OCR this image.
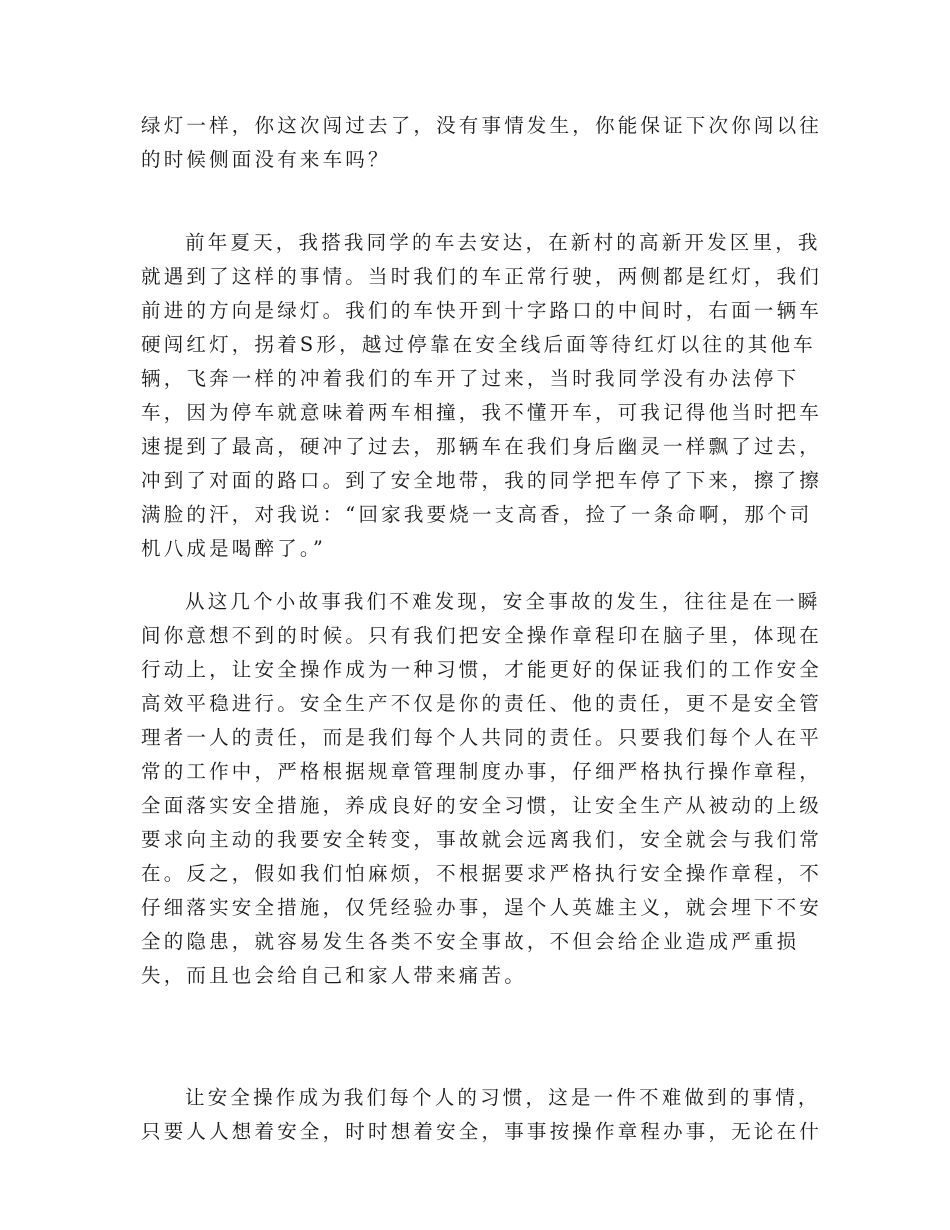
绿灯一样，你这次闯过去了，没有事情发生，你能保证下次你闯以往
的时候侧面没有来车吗？
前年夏天，我搭我同学的车去安达，在新村的高新开发区里，我
就遇到了这样的事情。当时我们的车正常行驶，两侧都是红灯，我们
前进的方向是绿灯。我们的车快开到十字路口的中间时，右面一辆车
硬闯红灯，拐着S形，越过停靠在安全线后面等待红灯以往的其他车
辆，飞奔一样的冲着我们的车开了过来，当时我同学没有办法停下
车，因为停车就意味着两车相撞，我不懂开车，可我记得他当时把车
速提到了最高，硬冲了过去，那辆车在我们身后幽灵一样飘了过去，
冲到了对面的路口。到了安全地带，我的同学把车停了下来，擦了擦
满脸的汗，对我说：“回家我要烧一支高香，捡了一条命啊，那个司
机八成是喝醉了。”
从这几个小故事我们不难发现，安全事故的发生，往往是在一瞬
间你意想不到的时候。只有我们把安全操作章程印在脑子里，体现在
行动上，让安全操作成为一种习惯，才能更好的保证我们的工作安全
高效平稳进行。安全生产不仅是你的责任、他的责任，更不是安全管
理者一人的责任，而是我们每个人共同的责任。只要我们每个人在平
常的工作中，严格根据规章管理制度办事，仔细严格执行操作章程，
全面落实安全措施，养成良好的安全习惯，让安全生产从被动的上级
要求向主动的我要安全转变，事故就会远离我们，安全就会与我们常
在。反之，假如我们怕麻烦，不根据要求严格执行安全操作章程，不
仔细落实安全措施，仅凭经验办事，逞个人英雄主义，就会埋下不安
全的隐患，就容易发生各类不安全事故，不但会给企业造成严重损
失，而且也会给自己和家人带来痛苦。
让安全操作成为我们每个人的习惯，这是一件不难做到的事情，
只要人人想着安全，时时想着安全，事事按操作章程办事，无论在什
